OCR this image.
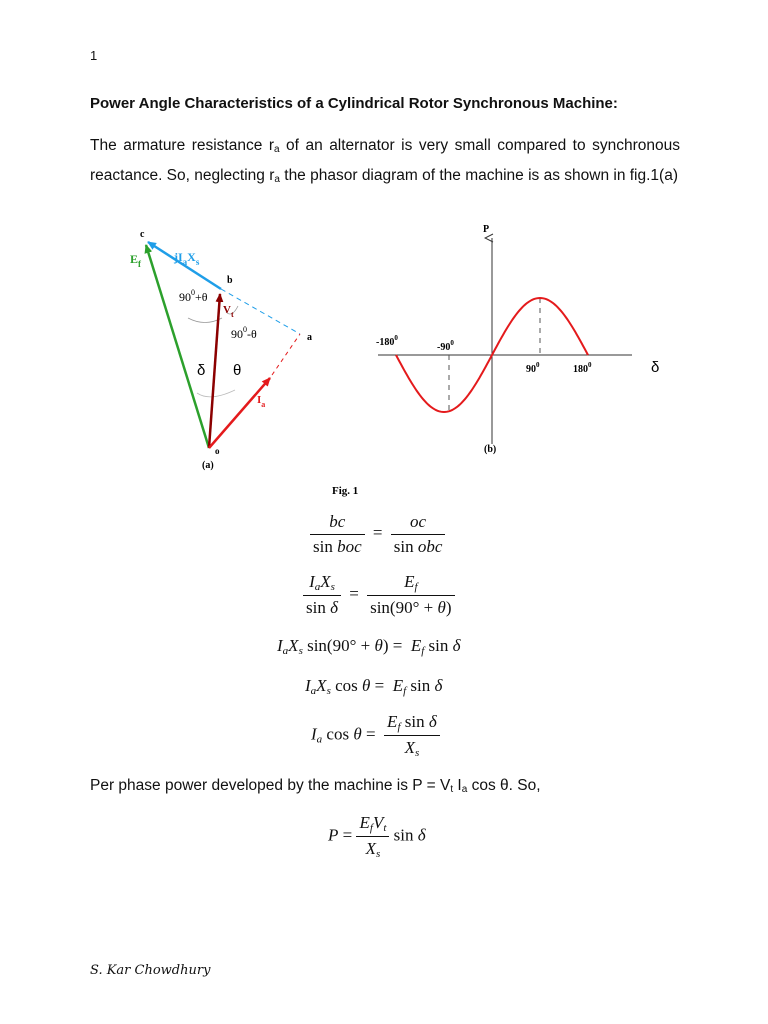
1
Power Angle Characteristics of a Cylindrical Rotor Synchronous Machine:

The armature resistance $r_a$ of an alternator is very small compared to synchronous reactance. So, neglecting $r_a$ the phasor diagram of the machine is as shown in fig.1(a)

c
$E_f$	$jI_aX_s$
b
$90^0+\theta$
$V_t$
$90^0-\theta$	a
δ θ
$I_a$
o
(a)
P
$-180^0$
$-90^0$
$90^0$	$180^0$	δ
(b)
Fig. 1
$\frac{bc}{\text{sin boc}} = \frac{oc}{\text{sin obc}}$
$\frac{I_aX_s}{\text{sin δ}} = \frac{E_f}{\sin(90^\circ + \theta)}$
$I_aX_s$ $\sin(90^\circ + \theta) = E_f$ sin δ
$I_aX_s$ $\cos \theta = E_f$ sin δ
$I_a$ $\cos \theta = \frac{E_f \sin \delta}{X_s}$
Per phase power developed by the machine is $P = V_t$ $I_a$ cos θ. So,
$P = \frac{E_fV_t}{X_s}$ sin δ
S. Kar Chowdhury
